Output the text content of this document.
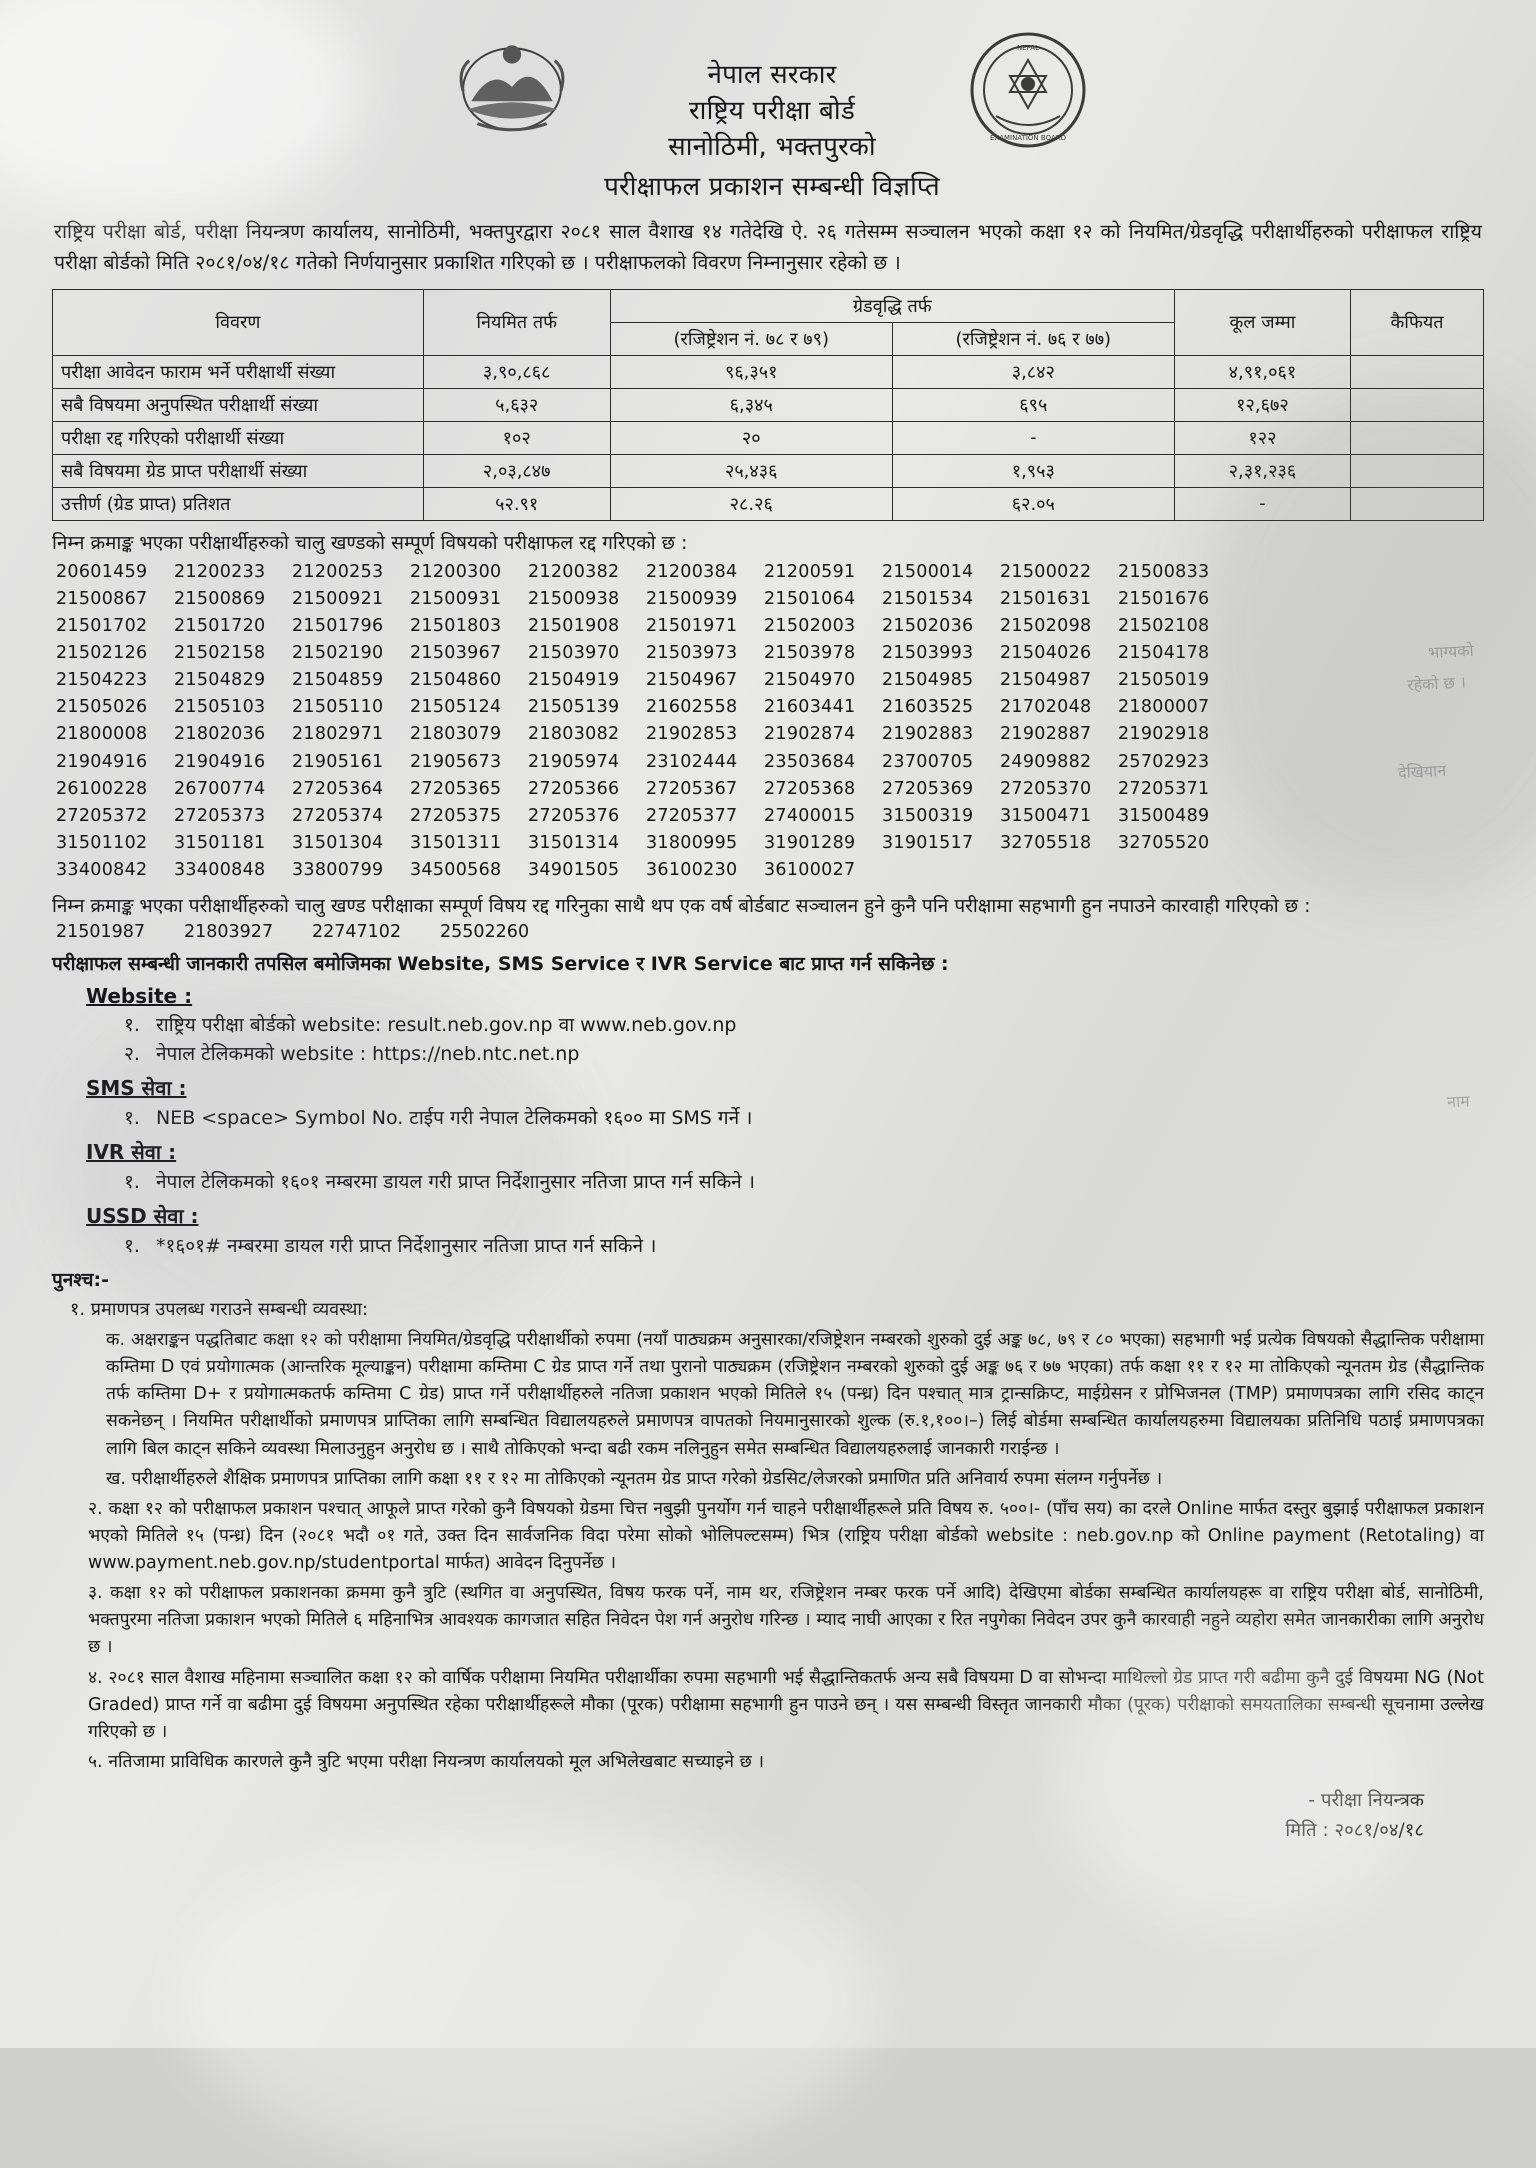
नेपाल सरकार
राष्ट्रिय परीक्षा बोर्ड
सानोठिमी, भक्तपुरको
परीक्षाफल प्रकाशन सम्बन्धी विज्ञप्ति
NEPAL
EXAMINATION BOARD
राष्ट्रिय परीक्षा बोर्ड, परीक्षा नियन्त्रण कार्यालय, सानोठिमी, भक्तपुरद्वारा २०८१ साल वैशाख १४ गतेदेखि ऐ. २६ गतेसम्म सञ्चालन भएको कक्षा १२ को नियमित/ग्रेडवृद्धि परीक्षार्थीहरुको परीक्षाफल राष्ट्रिय परीक्षा बोर्डको मिति २०८१/०४/१८ गतेको निर्णयानुसार प्रकाशित गरिएको छ । परीक्षाफलको विवरण निम्नानुसार रहेको छ ।
विवरण	नियमित तर्फ	ग्रेडवृद्धि तर्फ		कूल जम्मा	कैफियत
		(रजिष्ट्रेशन नं. ७८ र ७९)	(रजिष्ट्रेशन नं. ७६ र ७७)		
परीक्षा आवेदन फाराम भर्ने परीक्षार्थी संख्या	३,९०,८६८	९६,३५१	३,८४२	४,९१,०६१	
सबै विषयमा अनुपस्थित परीक्षार्थी संख्या	५,६३२	६,३४५	६९५	१२,६७२	
परीक्षा रद्द गरिएको परीक्षार्थी संख्या	१०२	२०	-	१२२	
सबै विषयमा ग्रेड प्राप्त परीक्षार्थी संख्या	२,०३,८४७	२५,४३६	१,९५३	२,३१,२३६	
उत्तीर्ण (ग्रेड प्राप्त) प्रतिशत	५२.९१	२८.२६	६२.०५	-	
निम्न क्रमाङ्क भएका परीक्षार्थीहरुको चालु खण्डको सम्पूर्ण विषयको परीक्षाफल रद्द गरिएको छ :
20601459	21200233	21200253	21200300	21200382	21200384	21200591	21500014	21500022	21500833
21500867	21500869	21500921	21500931	21500938	21500939	21501064	21501534	21501631	21501676
21501702	21501720	21501796	21501803	21501908	21501971	21502003	21502036	21502098	21502108
21502126	21502158	21502190	21503967	21503970	21503973	21503978	21503993	21504026	21504178
21504223	21504829	21504859	21504860	21504919	21504967	21504970	21504985	21504987	21505019
21505026	21505103	21505110	21505124	21505139	21602558	21603441	21603525	21702048	21800007
21800008	21802036	21802971	21803079	21803082	21902853	21902874	21902883	21902887	21902918
21904916	21904916	21905161	21905673	21905974	23102444	23503684	23700705	24909882	25702923
26100228	26700774	27205364	27205365	27205366	27205367	27205368	27205369	27205370	27205371
27205372	27205373	27205374	27205375	27205376	27205377	27400015	31500319	31500471	31500489
31501102	31501181	31501304	31501311	31501314	31800995	31901289	31901517	32705518	32705520
33400842	33400848	33800799	34500568	34901505	36100230	36100027
निम्न क्रमाङ्क भएका परीक्षार्थीहरुको चालु खण्ड परीक्षाका सम्पूर्ण विषय रद्द गरिनुका साथै थप एक वर्ष बोर्डबाट सञ्चालन हुने कुनै पनि परीक्षामा सहभागी हुन नपाउने कारवाही गरिएको छ :
21501987 21803927 22747102 25502260
परीक्षाफल सम्बन्धी जानकारी तपसिल बमोजिमका Website, SMS Service र IVR Service बाट प्राप्त गर्न सकिनेछ :
Website :
१. राष्ट्रिय परीक्षा बोर्डको website: result.neb.gov.np वा www.neb.gov.np
२. नेपाल टेलिकमको website : https://neb.ntc.net.np
SMS सेवा :
१. NEB <space> Symbol No. टाईप गरी नेपाल टेलिकमको १६०० मा SMS गर्ने ।
IVR सेवा :
१. नेपाल टेलिकमको १६०१ नम्बरमा डायल गरी प्राप्त निर्देशानुसार नतिजा प्राप्त गर्न सकिने ।
USSD सेवा :
१. *१६०१# नम्बरमा डायल गरी प्राप्त निर्देशानुसार नतिजा प्राप्त गर्न सकिने ।
पुनश्च:-
१. प्रमाणपत्र उपलब्ध गराउने सम्बन्धी व्यवस्था:
क. अक्षराङ्कन पद्धतिबाट कक्षा १२ को परीक्षामा नियमित/ग्रेडवृद्धि परीक्षार्थीको रुपमा (नयाँ पाठ्यक्रम अनुसारका/रजिष्ट्रेशन नम्बरको शुरुको दुई अङ्क ७८, ७९ र ८० भएका) सहभागी भई प्रत्येक विषयको सैद्धान्तिक परीक्षामा कम्तिमा D एवं प्रयोगात्मक (आन्तरिक मूल्याङ्कन) परीक्षामा कम्तिमा C ग्रेड प्राप्त गर्ने तथा पुरानो पाठ्यक्रम (रजिष्ट्रेशन नम्बरको शुरुको दुई अङ्क ७६ र ७७ भएका) तर्फ कक्षा ११ र १२ मा तोकिएको न्यूनतम ग्रेड (सैद्धान्तिक तर्फ कम्तिमा D+ र प्रयोगात्मकतर्फ कम्तिमा C ग्रेड) प्राप्त गर्ने परीक्षार्थीहरुले नतिजा प्रकाशन भएको मितिले १५ (पन्ध्र) दिन पश्चात् मात्र ट्रान्सक्रिप्ट, माईग्रेसन र प्रोभिजनल (TMP) प्रमाणपत्रका लागि रसिद काट्न सकनेछन् । नियमित परीक्षार्थीको प्रमाणपत्र प्राप्तिका लागि सम्बन्धित विद्यालयहरुले प्रमाणपत्र वापतको नियमानुसारको शुल्क (रु.१,१००।–) लिई बोर्डमा सम्बन्धित कार्यालयहरुमा विद्यालयका प्रतिनिधि पठाई प्रमाणपत्रका लागि बिल काट्न सकिने व्यवस्था मिलाउनुहुन अनुरोध छ । साथै तोकिएको भन्दा बढी रकम नलिनुहुन समेत सम्बन्धित विद्यालयहरुलाई जानकारी गराईन्छ ।
ख. परीक्षार्थीहरुले शैक्षिक प्रमाणपत्र प्राप्तिका लागि कक्षा ११ र १२ मा तोकिएको न्यूनतम ग्रेड प्राप्त गरेको ग्रेडसिट/लेजरको प्रमाणित प्रति अनिवार्य रुपमा संलग्न गर्नुपर्नेछ ।
२. कक्षा १२ को परीक्षाफल प्रकाशन पश्चात् आफूले प्राप्त गरेको कुनै विषयको ग्रेडमा चित्त नबुझी पुनर्योग गर्न चाहने परीक्षार्थीहरूले प्रति विषय रु. ५००।- (पाँच सय) का दरले Online मार्फत दस्तुर बुझाई परीक्षाफल प्रकाशन भएको मितिले १५ (पन्ध्र) दिन (२०८१ भदौ ०१ गते, उक्त दिन सार्वजनिक विदा परेमा सोको भोलिपल्टसम्म) भित्र (राष्ट्रिय परीक्षा बोर्डको website : neb.gov.np को Online payment (Retotaling) वा www.payment.neb.gov.np/studentportal मार्फत) आवेदन दिनुपर्नेछ ।
३. कक्षा १२ को परीक्षाफल प्रकाशनका क्रममा कुनै त्रुटि (स्थगित वा अनुपस्थित, विषय फरक पर्ने, नाम थर, रजिष्ट्रेशन नम्बर फरक पर्ने आदि) देखिएमा बोर्डका सम्बन्धित कार्यालयहरू वा राष्ट्रिय परीक्षा बोर्ड, सानोठिमी, भक्तपुरमा नतिजा प्रकाशन भएको मितिले ६ महिनाभित्र आवश्यक कागजात सहित निवेदन पेश गर्न अनुरोध गरिन्छ । म्याद नाघी आएका र रित नपुगेका निवेदन उपर कुनै कारवाही नहुने व्यहोरा समेत जानकारीका लागि अनुरोध छ ।
४. २०८१ साल वैशाख महिनामा सञ्चालित कक्षा १२ को वार्षिक परीक्षामा नियमित परीक्षार्थीका रुपमा सहभागी भई सैद्धान्तिकतर्फ अन्य सबै विषयमा D वा सोभन्दा माथिल्लो ग्रेड प्राप्त गरी बढीमा कुनै दुई विषयमा NG (Not Graded) प्राप्त गर्ने वा बढीमा दुई विषयमा अनुपस्थित रहेका परीक्षार्थीहरूले मौका (पूरक) परीक्षामा सहभागी हुन पाउने छन् । यस सम्बन्धी विस्तृत जानकारी मौका (पूरक) परीक्षाको समयतालिका सम्बन्धी सूचनामा उल्लेख गरिएको छ ।
५. नतिजामा प्राविधिक कारणले कुनै त्रुटि भएमा परीक्षा नियन्त्रण कार्यालयको मूल अभिलेखबाट सच्याइने छ ।
- परीक्षा नियन्त्रक
मिति : २०८१/०४/१८
भाग्यको
रहेको छ ।
देखियान
नाम
